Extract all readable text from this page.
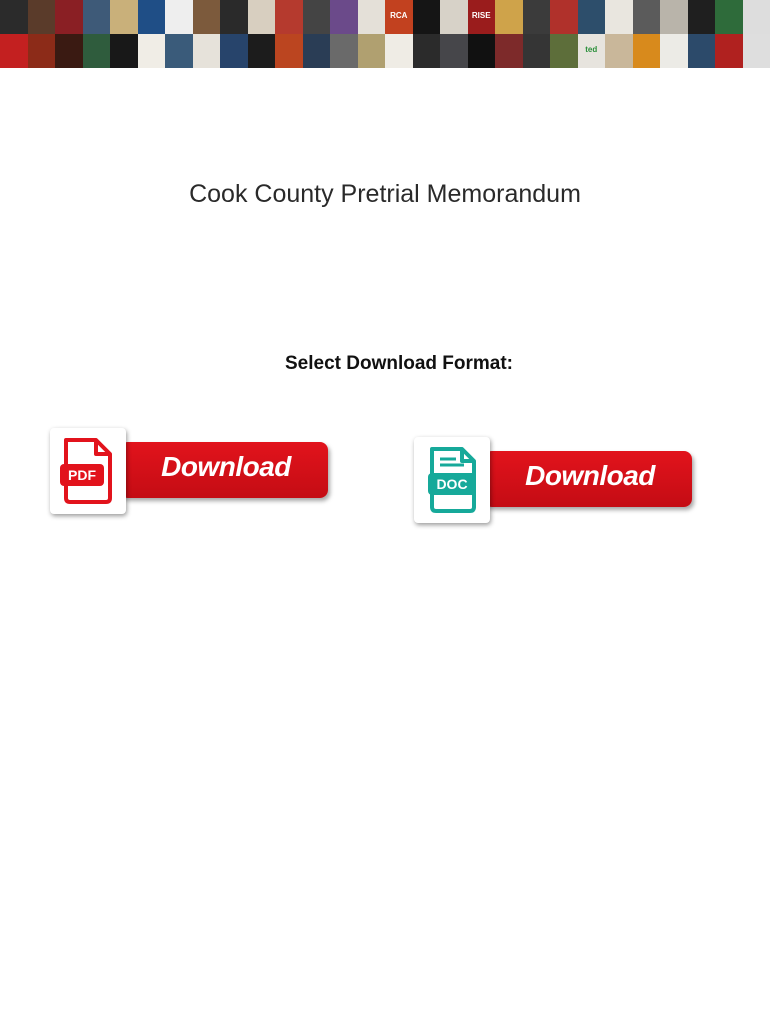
RCA	RISE
ted
Cook County Pretrial Memorandum
Select Download Format:
Download
PDF	Download
DOC
